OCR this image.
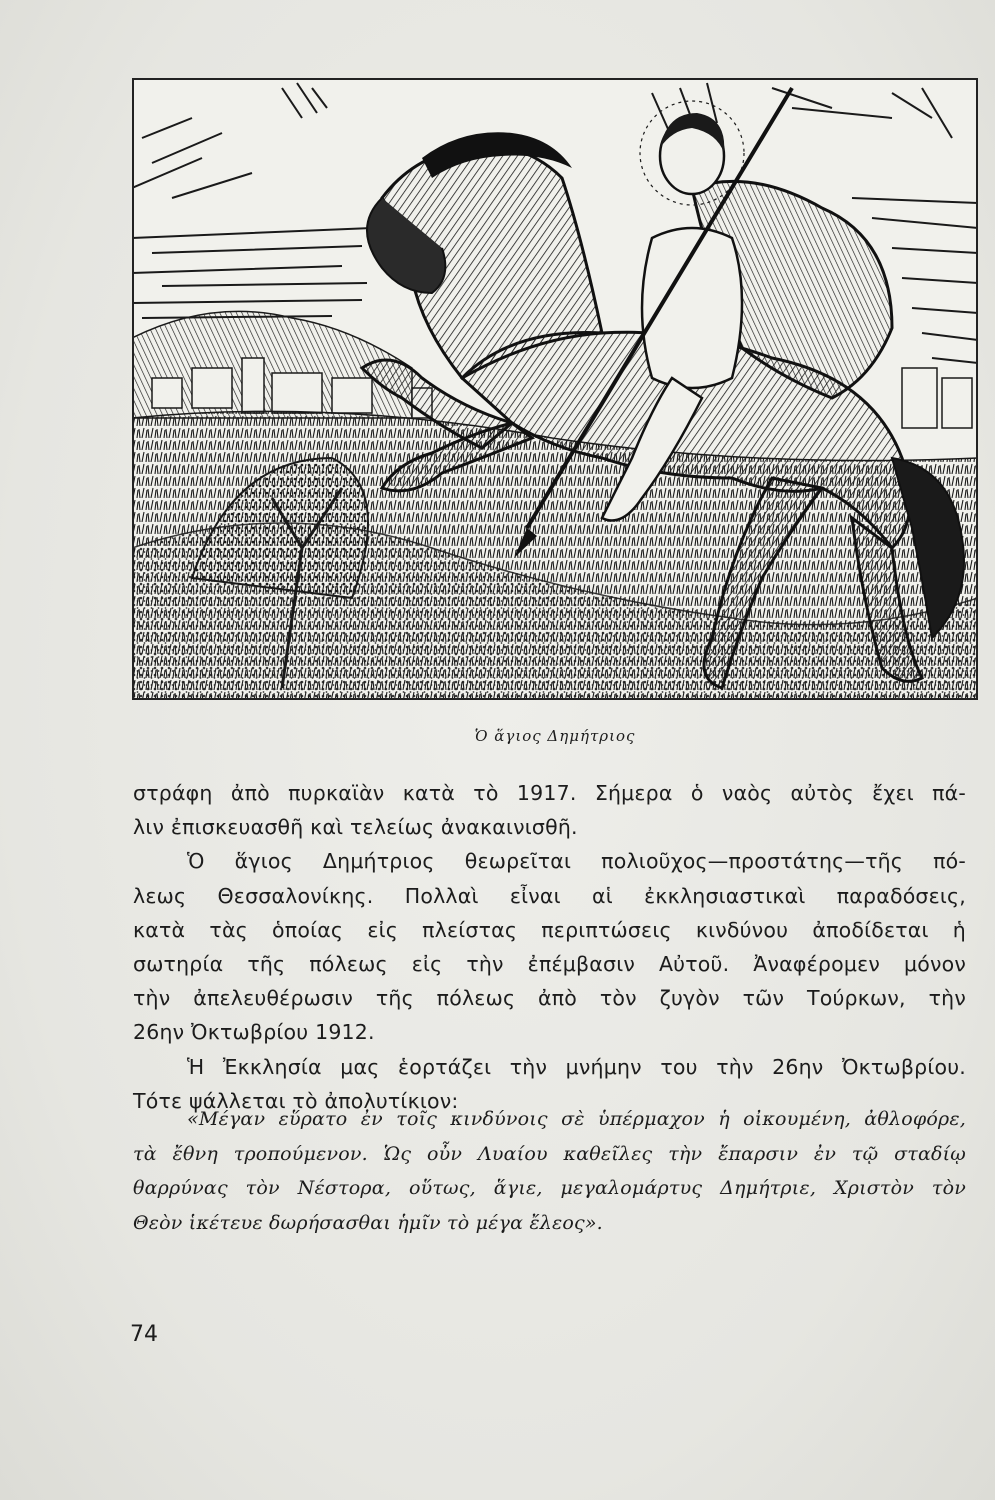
Ὁ ἅγιος Δημήτριος
στράφη ἀπὸ πυρκαϊὰν κατὰ τὸ 1917. Σήμερα ὁ ναὸς αὐτὸς ἔχει πά-
λιν ἐπισκευασθῆ καὶ τελείως ἀνακαινισθῆ.
Ὁ ἅγιος Δημήτριος θεωρεῖται πολιοῦχος—προστάτης—τῆς πό-
λεως Θεσσαλονίκης. Πολλαὶ εἶναι αἱ ἐκκλησιαστικαὶ παραδόσεις,
κατὰ τὰς ὁποίας εἰς πλείστας περιπτώσεις κινδύνου ἀποδίδεται ἡ
σωτηρία τῆς πόλεως εἰς τὴν ἐπέμβασιν Αὐτοῦ. Ἀναφέρομεν μόνον
τὴν ἀπελευθέρωσιν τῆς πόλεως ἀπὸ τὸν ζυγὸν τῶν Τούρκων, τὴν
26ην Ὀκτωβρίου 1912.
Ἡ Ἐκκλησία μας ἑορτάζει τὴν μνήμην του τὴν 26ην Ὀκτωβρίου.
Τότε ψάλλεται τὸ ἀπολυτίκιον:
«Μέγαν εὕρατο ἐν τοῖς κινδύνοις σὲ ὑπέρμαχον ἡ οἰκουμένη, ἀθλοφόρε,
τὰ ἔθνη τροπούμενον. Ὡς οὖν Λυαίου καθεῖλες τὴν ἔπαρσιν ἐν τῷ σταδίῳ
θαρρύνας τὸν Νέστορα, οὕτως, ἅγιε, μεγαλομάρτυς Δημήτριε, Χριστὸν τὸν
Θεὸν ἱκέτευε δωρήσασθαι ἡμῖν τὸ μέγα ἔλεος».
74
